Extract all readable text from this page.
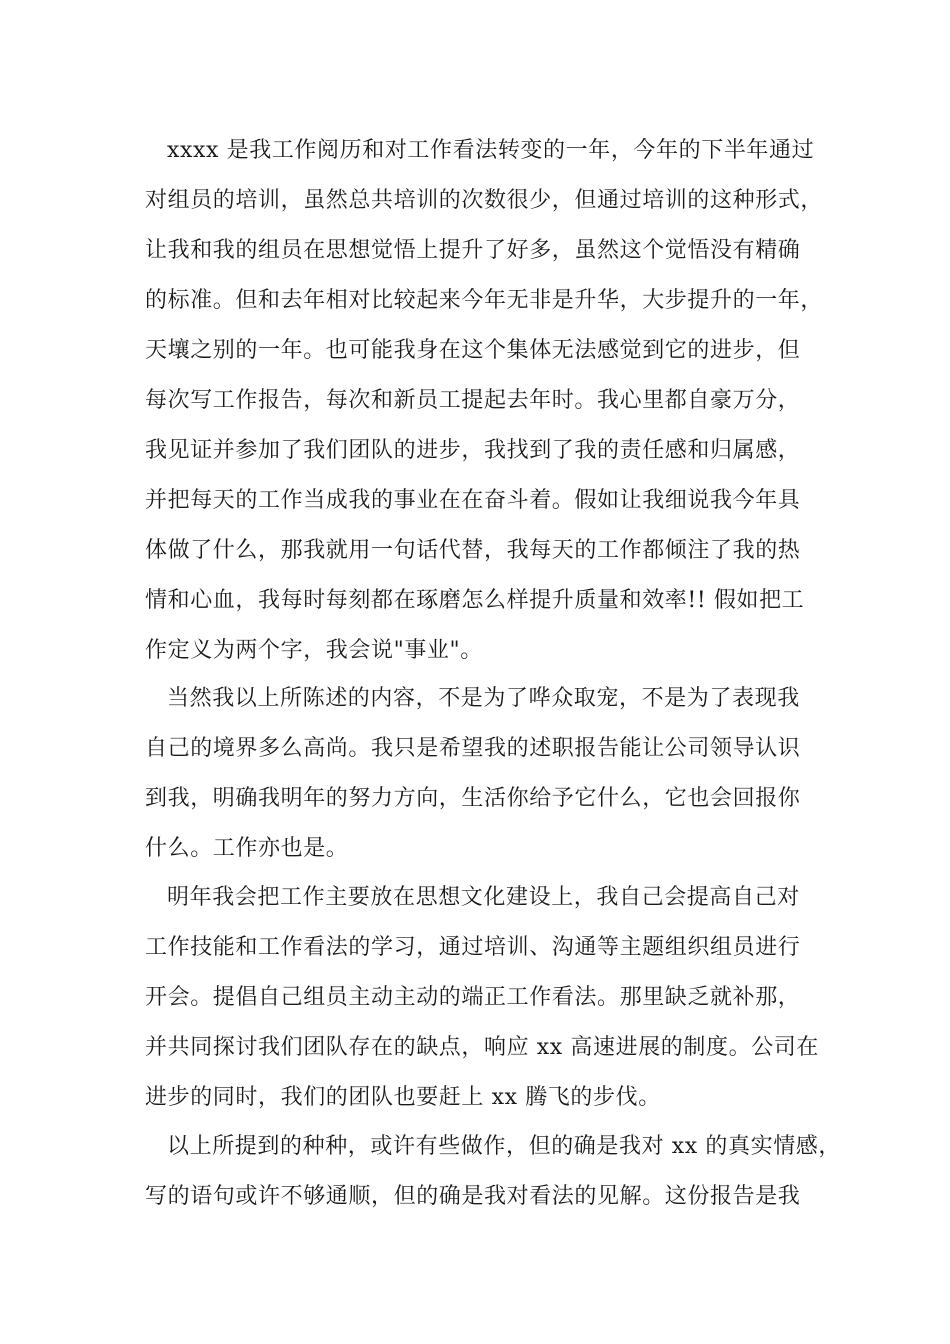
xxxx 是我工作阅历和对工作看法转变的一年，今年的下半年通过
对组员的培训，虽然总共培训的次数很少，但通过培训的这种形式，
让我和我的组员在思想觉悟上提升了好多，虽然这个觉悟没有精确
的标准。但和去年相对比较起来今年无非是升华，大步提升的一年，
天壤之别的一年。也可能我身在这个集体无法感觉到它的进步，但
每次写工作报告，每次和新员工提起去年时。我心里都自豪万分，
我见证并参加了我们团队的进步，我找到了我的责任感和归属感，
并把每天的工作当成我的事业在在奋斗着。假如让我细说我今年具
体做了什么，那我就用一句话代替，我每天的工作都倾注了我的热
情和心血，我每时每刻都在琢磨怎么样提升质量和效率!! 假如把工
作定义为两个字，我会说"事业"。
当然我以上所陈述的内容，不是为了哗众取宠，不是为了表现我
自己的境界多么高尚。我只是希望我的述职报告能让公司领导认识
到我，明确我明年的努力方向，生活你给予它什么，它也会回报你
什么。工作亦也是。
明年我会把工作主要放在思想文化建设上，我自己会提高自己对
工作技能和工作看法的学习，通过培训、沟通等主题组织组员进行
开会。提倡自己组员主动主动的端正工作看法。那里缺乏就补那，
并共同探讨我们团队存在的缺点，响应 xx 高速进展的制度。公司在
进步的同时，我们的团队也要赶上 xx 腾飞的步伐。
以上所提到的种种，或许有些做作，但的确是我对 xx 的真实情感，
写的语句或许不够通顺，但的确是我对看法的见解。这份报告是我
